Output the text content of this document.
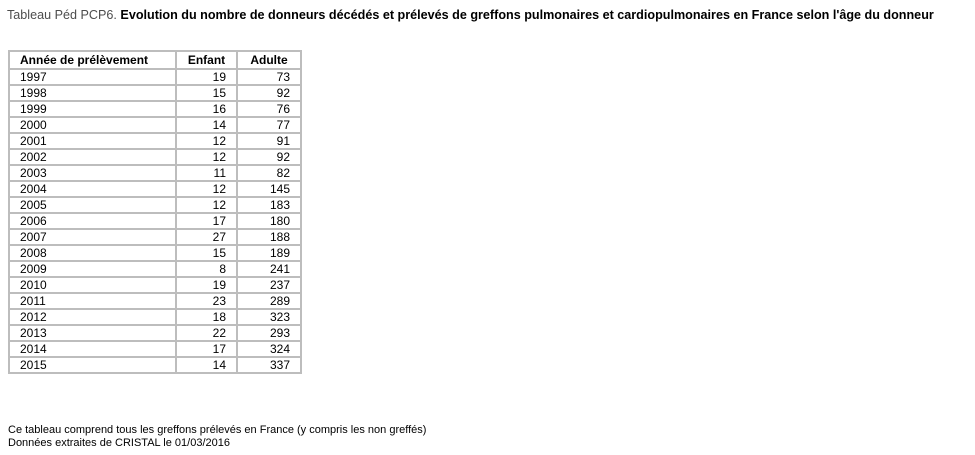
Tableau Péd PCP6. Evolution du nombre de donneurs décédés et prélevés de greffons pulmonaires et cardiopulmonaires en France selon l'âge du donneur
Année de prélèvement	Enfant	Adulte
1997	19	73
1998	15	92
1999	16	76
2000	14	77
2001	12	91
2002	12	92
2003	11	82
2004	12	145
2005	12	183
2006	17	180
2007	27	188
2008	15	189
2009	8	241
2010	19	237
2011	23	289
2012	18	323
2013	22	293
2014	17	324
2015	14	337
Ce tableau comprend tous les greffons prélevés en France (y compris les non greffés)
Données extraites de CRISTAL le 01/03/2016
